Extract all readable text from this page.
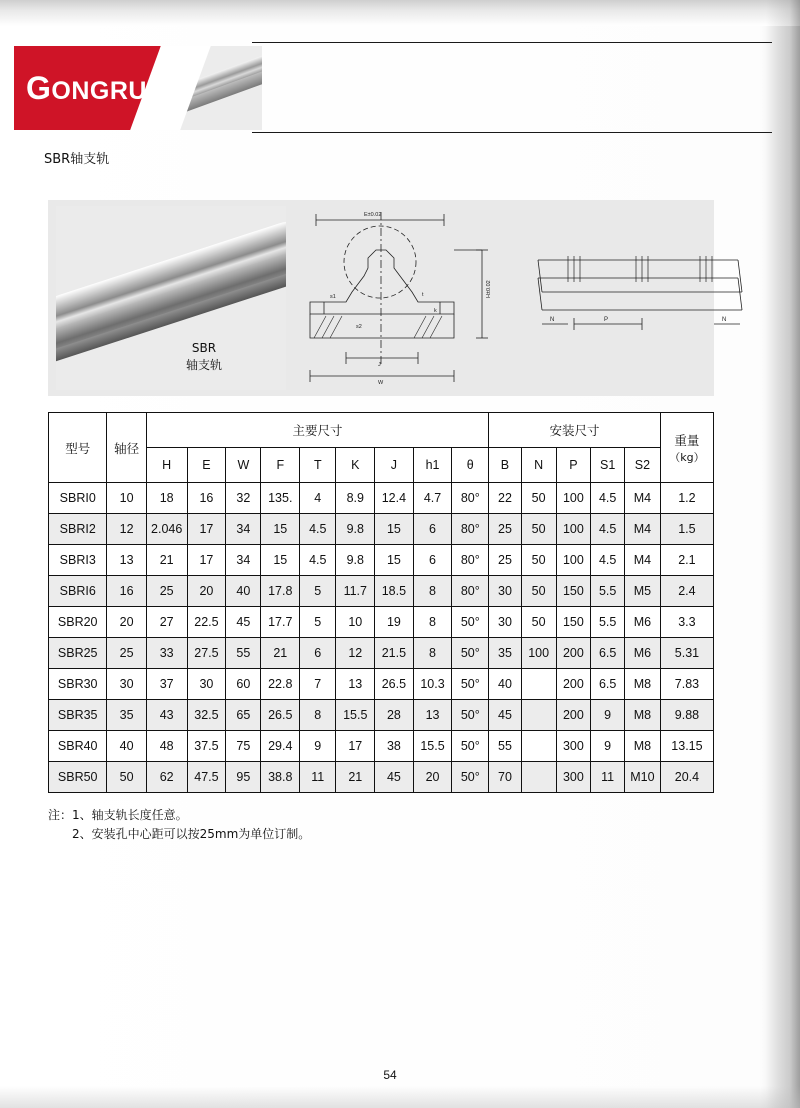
GONGRUN
SBR轴支轨
SBR
轴支轨
E±0.02
W
J
s1
s2
t
k
H±0.02
P
N	N
型号	轴径	主要尺寸									安装尺寸					重量
（kg）

		H	E	W	F	T	K	J	h1	θ	B	N	P	S1	S2	
SBRI0	10	18	16	32	135.	4	8.9	12.4	4.7	80°	22	50	100	4.5	M4	1.2
SBRI2	12	2.046	17	34	15	4.5	9.8	15	6	80°	25	50	100	4.5	M4	1.5
SBRI3	13	21	17	34	15	4.5	9.8	15	6	80°	25	50	100	4.5	M4	2.1
SBRI6	16	25	20	40	17.8	5	11.7	18.5	8	80°	30	50	150	5.5	M5	2.4
SBR20	20	27	22.5	45	17.7	5	10	19	8	50°	30	50	150	5.5	M6	3.3
SBR25	25	33	27.5	55	21	6	12	21.5	8	50°	35	100	200	6.5	M6	5.31
SBR30	30	37	30	60	22.8	7	13	26.5	10.3	50°	40		200	6.5	M8	7.83
SBR35	35	43	32.5	65	26.5	8	15.5	28	13	50°	45		200	9	M8	9.88
SBR40	40	48	37.5	75	29.4	9	17	38	15.5	50°	55		300	9	M8	13.15
SBR50	50	62	47.5	95	38.8	11	21	45	20	50°	70		300	11	M10	20.4
注：1、轴支轨长度任意。
2、安装孔中心距可以按25mm为单位订制。
54
